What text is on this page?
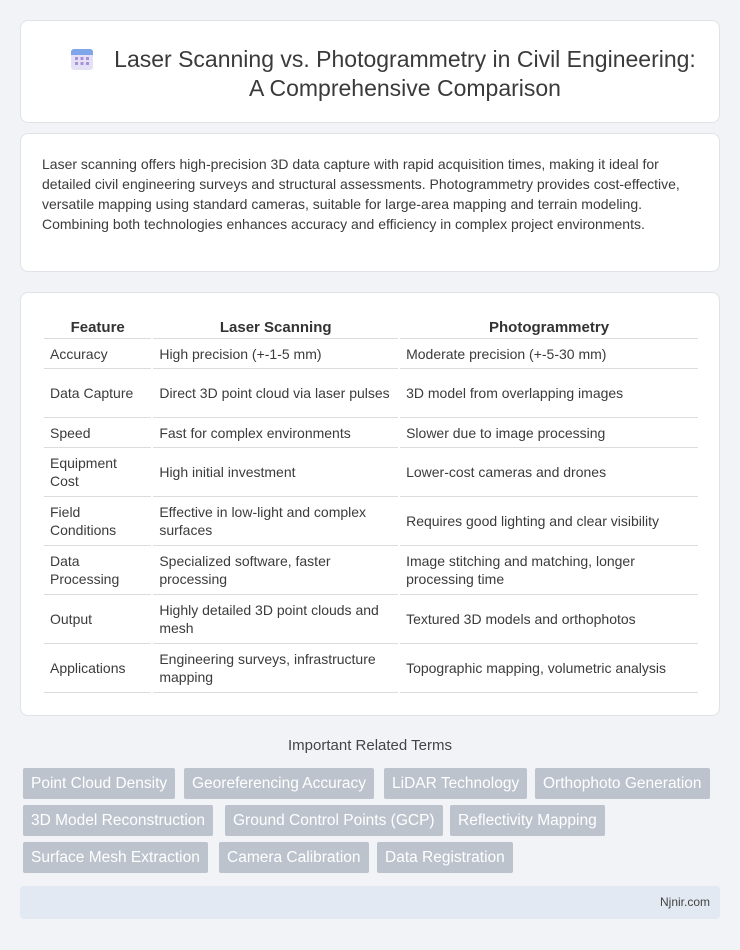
Laser Scanning vs. Photogrammetry in Civil Engineering: A Comprehensive Comparison

Laser scanning offers high-precision 3D data capture with rapid acquisition times, making it ideal for detailed civil engineering surveys and structural assessments. Photogrammetry provides cost-effective, versatile mapping using standard cameras, suitable for large-area mapping and terrain modeling. Combining both technologies enhances accuracy and efficiency in complex project environments.

Feature	Laser Scanning	Photogrammetry
Accuracy	High precision (+-1-5 mm)	Moderate precision (+-5-30 mm)
Data Capture	Direct 3D point cloud via laser pulses	3D model from overlapping images
Speed	Fast for complex environments	Slower due to image processing
Equipment Cost	High initial investment	Lower-cost cameras and drones
Field Conditions	Effective in low-light and complex surfaces	Requires good lighting and clear visibility
Data Processing	Specialized software, faster processing	Image stitching and matching, longer processing time
Output	Highly detailed 3D point clouds and mesh	Textured 3D models and orthophotos
Applications	Engineering surveys, infrastructure mapping	Topographic mapping, volumetric analysis
Important Related Terms
Point Cloud Density	Georeferencing Accuracy	LiDAR Technology	Orthophoto Generation
3D Model Reconstruction	Ground Control Points (GCP)	Reflectivity Mapping
Surface Mesh Extraction	Camera Calibration	Data Registration
Njnir.com
